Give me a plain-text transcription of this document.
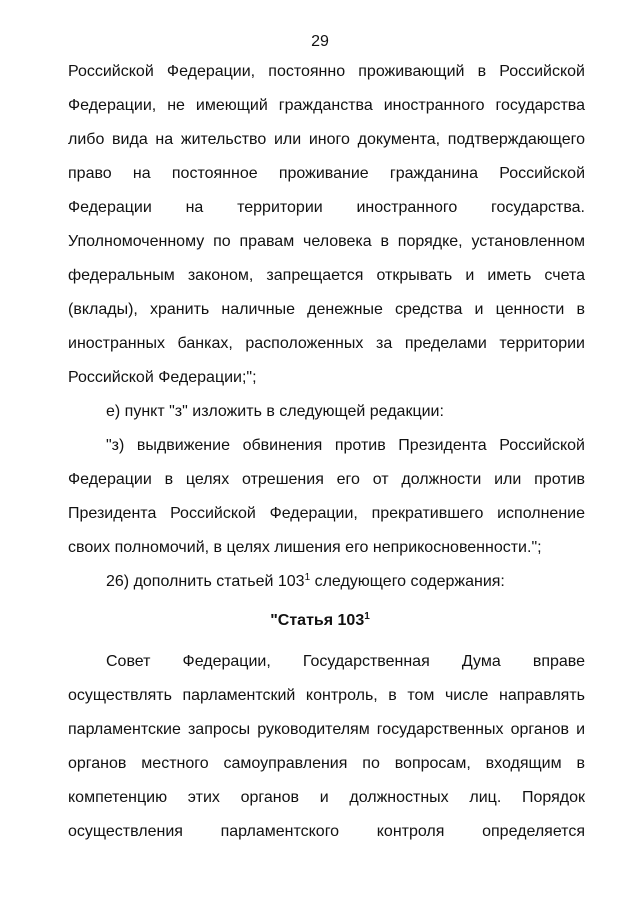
29
Российской Федерации, постоянно проживающий в Российской
Федерации, не имеющий гражданства иностранного государства
либо вида на жительство или иного документа, подтверждающего
право на постоянное проживание гражданина Российской
Федерации на территории иностранного государства.
Уполномоченному по правам человека в порядке, установленном
федеральным законом, запрещается открывать и иметь счета
(вклады), хранить наличные денежные средства и ценности в
иностранных банках, расположенных за пределами территории
Российской Федерации;";
е) пункт "з" изложить в следующей редакции:
"з) выдвижение обвинения против Президента Российской
Федерации в целях отрешения его от должности или против
Президента Российской Федерации, прекратившего исполнение
своих полномочий, в целях лишения его неприкосновенности.";
26) дополнить статьей $103^1$ следующего содержания:
"Статья $103^1$
Совет Федерации, Государственная Дума вправе
осуществлять парламентский контроль, в том числе направлять
парламентские запросы руководителям государственных органов и
органов местного самоуправления по вопросам, входящим в
компетенцию этих органов и должностных лиц. Порядок
осуществления парламентского контроля определяется
